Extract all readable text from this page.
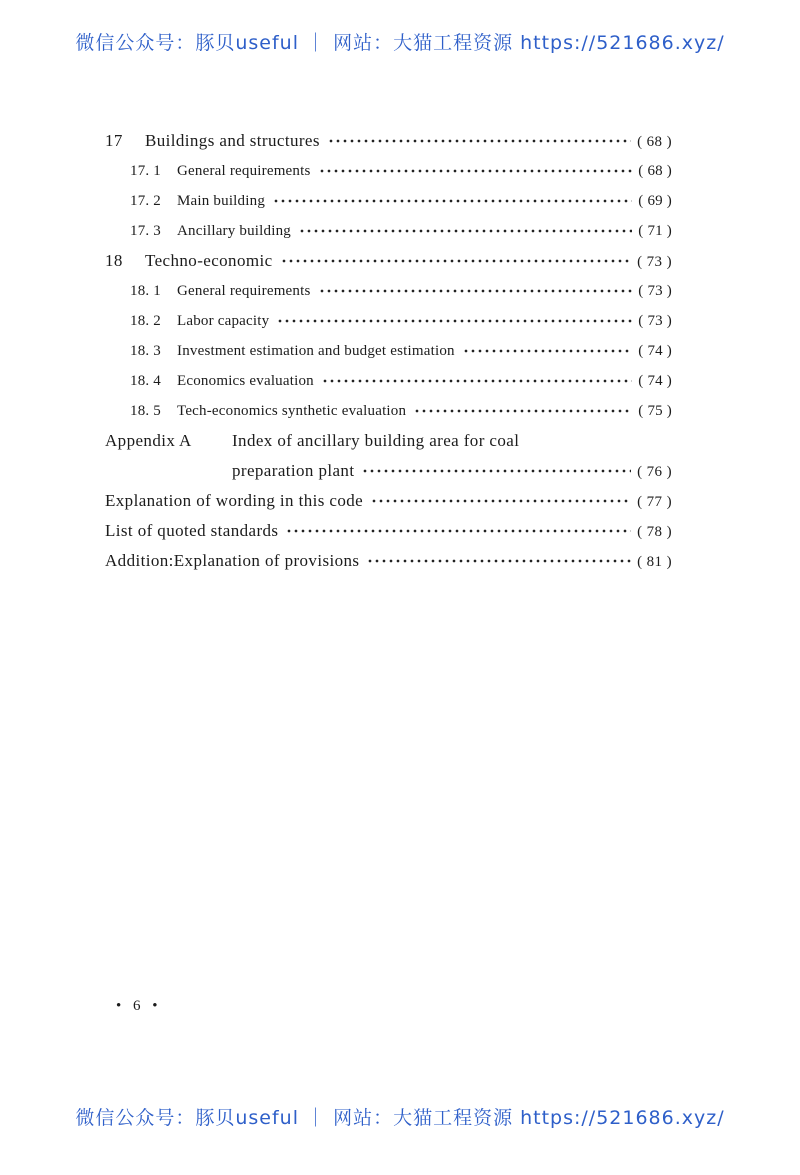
微信公众号：豚贝useful ｜ 网站：大猫工程资源 https://521686.xyz/
17	Buildings and structures	( 68 )
17. 1	General requirements	( 68 )
17. 2	Main building	( 69 )
17. 3	Ancillary building	( 71 )
18	Techno-economic	( 73 )
18. 1	General requirements	( 73 )
18. 2	Labor capacity	( 73 )
18. 3	Investment estimation and budget estimation	( 74 )
18. 4	Economics evaluation	( 74 )
18. 5	Tech-economics synthetic evaluation	( 75 )
Appendix A	Index of ancillary building area for coal
preparation plant	( 76 )
Explanation of wording in this code	( 77 )
List of quoted standards	( 78 )
Addition:Explanation of provisions	( 81 )
• 6 •
微信公众号：豚贝useful ｜ 网站：大猫工程资源 https://521686.xyz/
